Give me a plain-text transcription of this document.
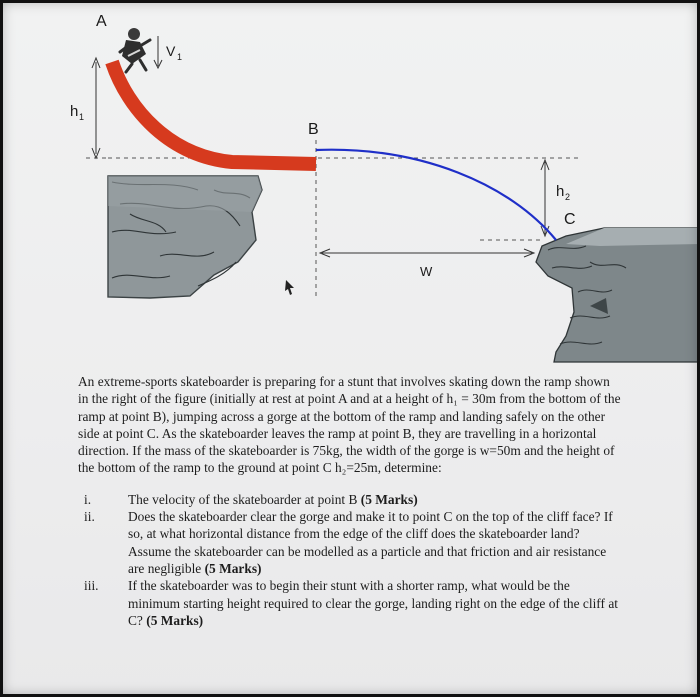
A
V 1
h 1
B
h 2
C
W

An extreme-sports skateboarder is preparing for a stunt that involves skating down the ramp shown in the right of the figure (initially at rest at point A and at a height of h₁ = 30m from the bottom of the ramp at point B), jumping across a gorge at the bottom of the ramp and landing safely on the other side at point C. As the skateboarder leaves the ramp at point B, they are travelling in a horizontal direction. If the mass of the skateboarder is 75kg, the width of the gorge is w=50m and the height of the bottom of the ramp to the ground at point C h₂=25m, determine:

i.	The velocity of the skateboarder at point B (5 Marks)
ii.	Does the skateboarder clear the gorge and make it to point C on the top of the cliff face? If so, at what horizontal distance from the edge of the cliff does the skateboarder land? Assume the skateboarder can be modelled as a particle and that friction and air resistance are negligible (5 Marks)
iii.	If the skateboarder was to begin their stunt with a shorter ramp, what would be the minimum starting height required to clear the gorge, landing right on the edge of the cliff at C? (5 Marks)
